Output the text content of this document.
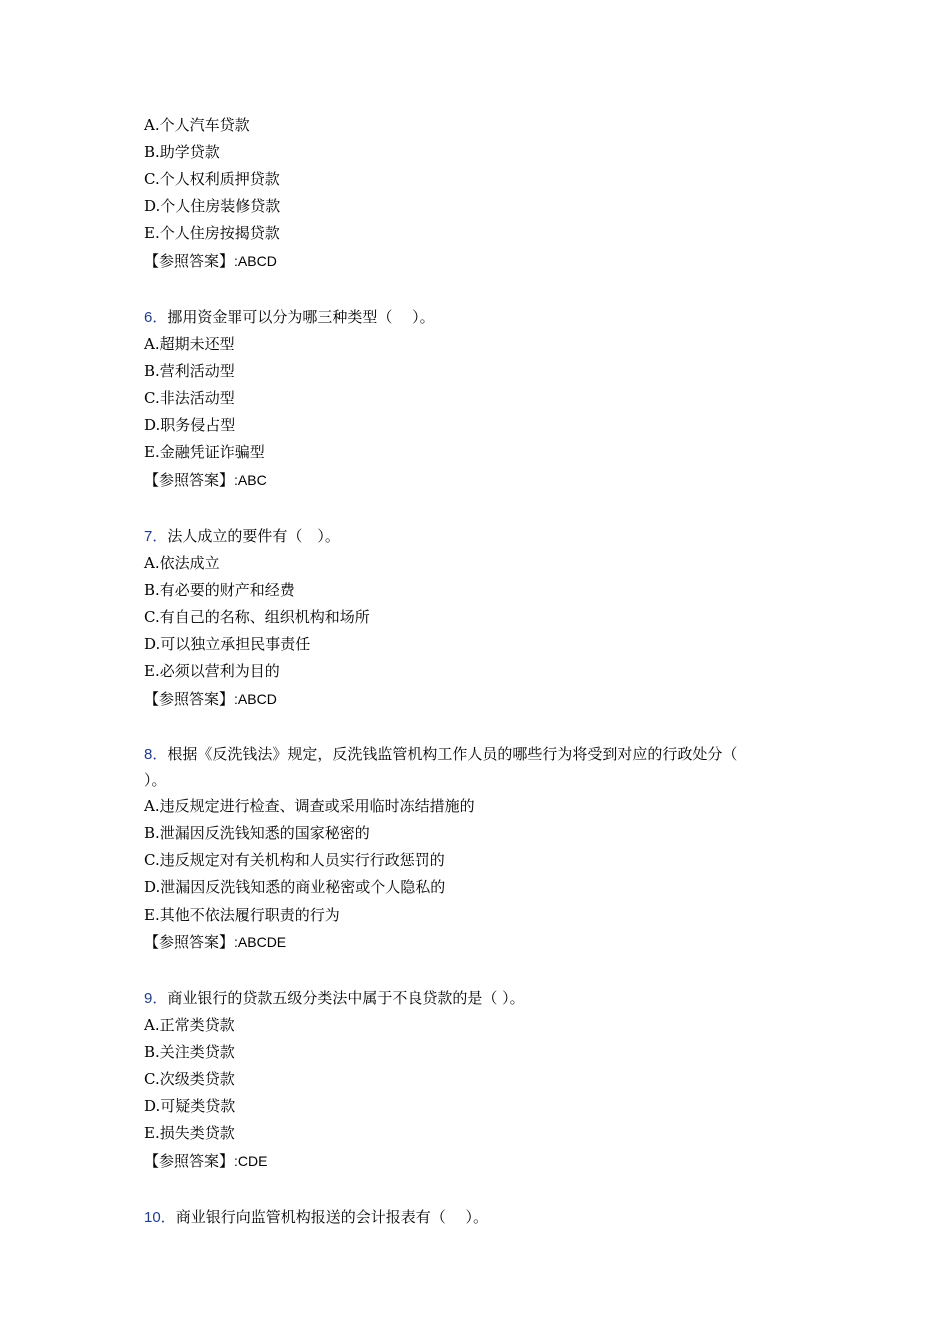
A.个人汽车贷款
B.助学贷款
C.个人权利质押贷款
D.个人住房装修贷款
E.个人住房按揭贷款
【参照答案】:ABCD
6．挪用资金罪可以分为哪三种类型（　 ）。
A.超期未还型
B.营利活动型
C.非法活动型
D.职务侵占型
E.金融凭证诈骗型
【参照答案】:ABC
7．法人成立的要件有（　）。
A.依法成立
B.有必要的财产和经费
C.有自己的名称、组织机构和场所
D.可以独立承担民事责任
E.必须以营利为目的
【参照答案】:ABCD
8．根据《反洗钱法》规定，反洗钱监管机构工作人员的哪些行为将受到对应的行政处分（
）。
A.违反规定进行检查、调查或采用临时冻结措施的
B.泄漏因反洗钱知悉的国家秘密的
C.违反规定对有关机构和人员实行行政惩罚的
D.泄漏因反洗钱知悉的商业秘密或个人隐私的
E.其他不依法履行职责的行为
【参照答案】:ABCDE
9．商业银行的贷款五级分类法中属于不良贷款的是（ ）。
A.正常类贷款
B.关注类贷款
C.次级类贷款
D.可疑类贷款
E.损失类贷款
【参照答案】:CDE
10．商业银行向监管机构报送的会计报表有（　 ）。
